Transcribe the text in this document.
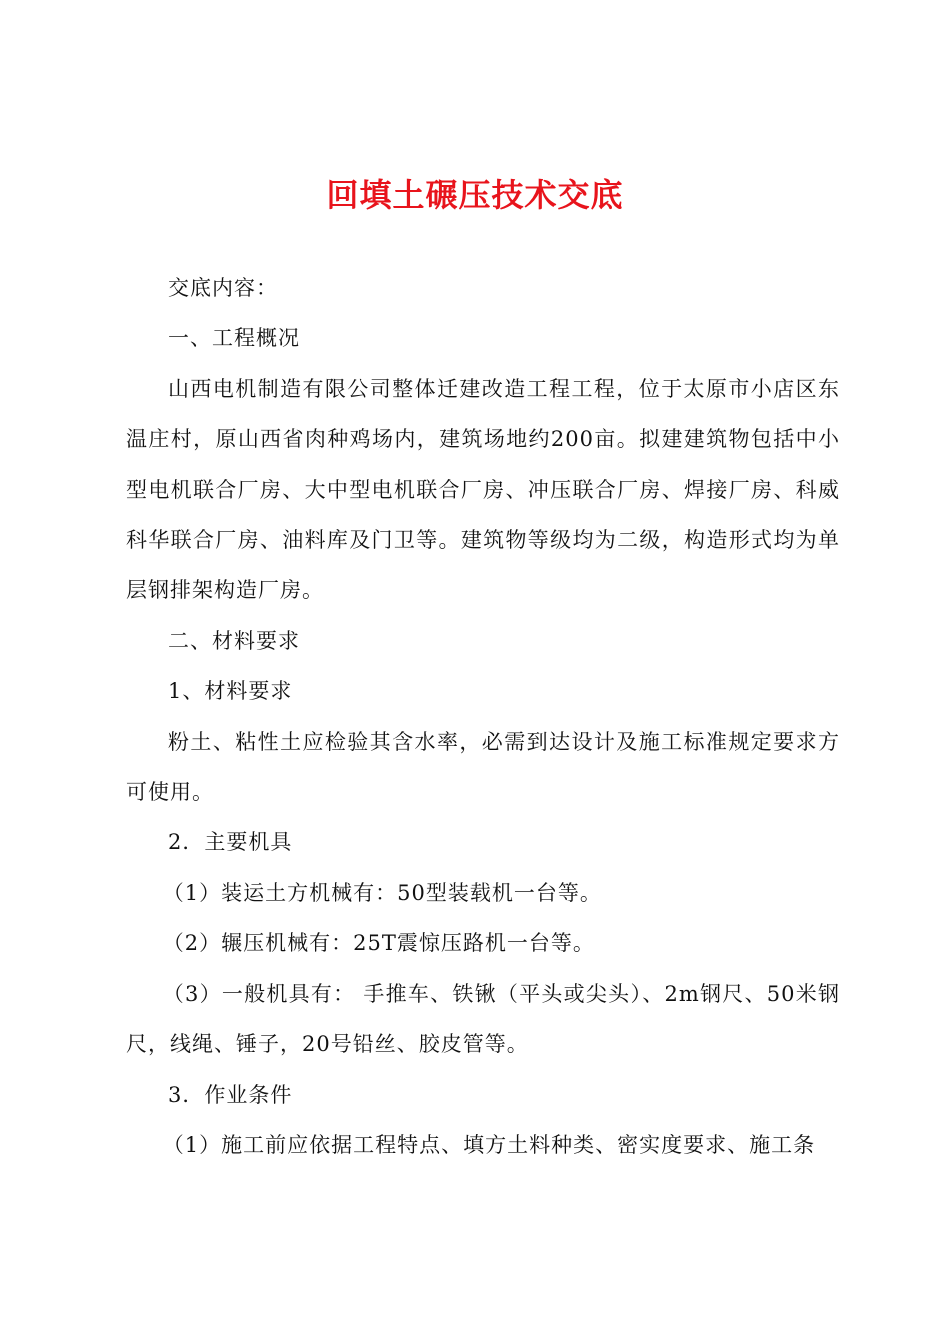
回填土碾压技术交底

交底内容：

一、工程概况

山西电机制造有限公司整体迁建改造工程工程，位于太原市小店区东温庄村，原山西省肉种鸡场内，建筑场地约200亩。拟建建筑物包括中小型电机联合厂房、大中型电机联合厂房、冲压联合厂房、焊接厂房、科威科华联合厂房、油料库及门卫等。建筑物等级均为二级，构造形式均为单层钢排架构造厂房。

二、材料要求

1、材料要求

粉土、粘性土应检验其含水率，必需到达设计及施工标准规定要求方可使用。

2．主要机具

（1）装运土方机械有：50型装载机一台等。

（2）辗压机械有：25T震惊压路机一台等。

（3）一般机具有： 手推车、铁锹（平头或尖头）、2m钢尺、50米钢尺，线绳、锤子，20号铅丝、胶皮管等。

3．作业条件

（1）施工前应依据工程特点、填方土料种类、密实度要求、施工条
